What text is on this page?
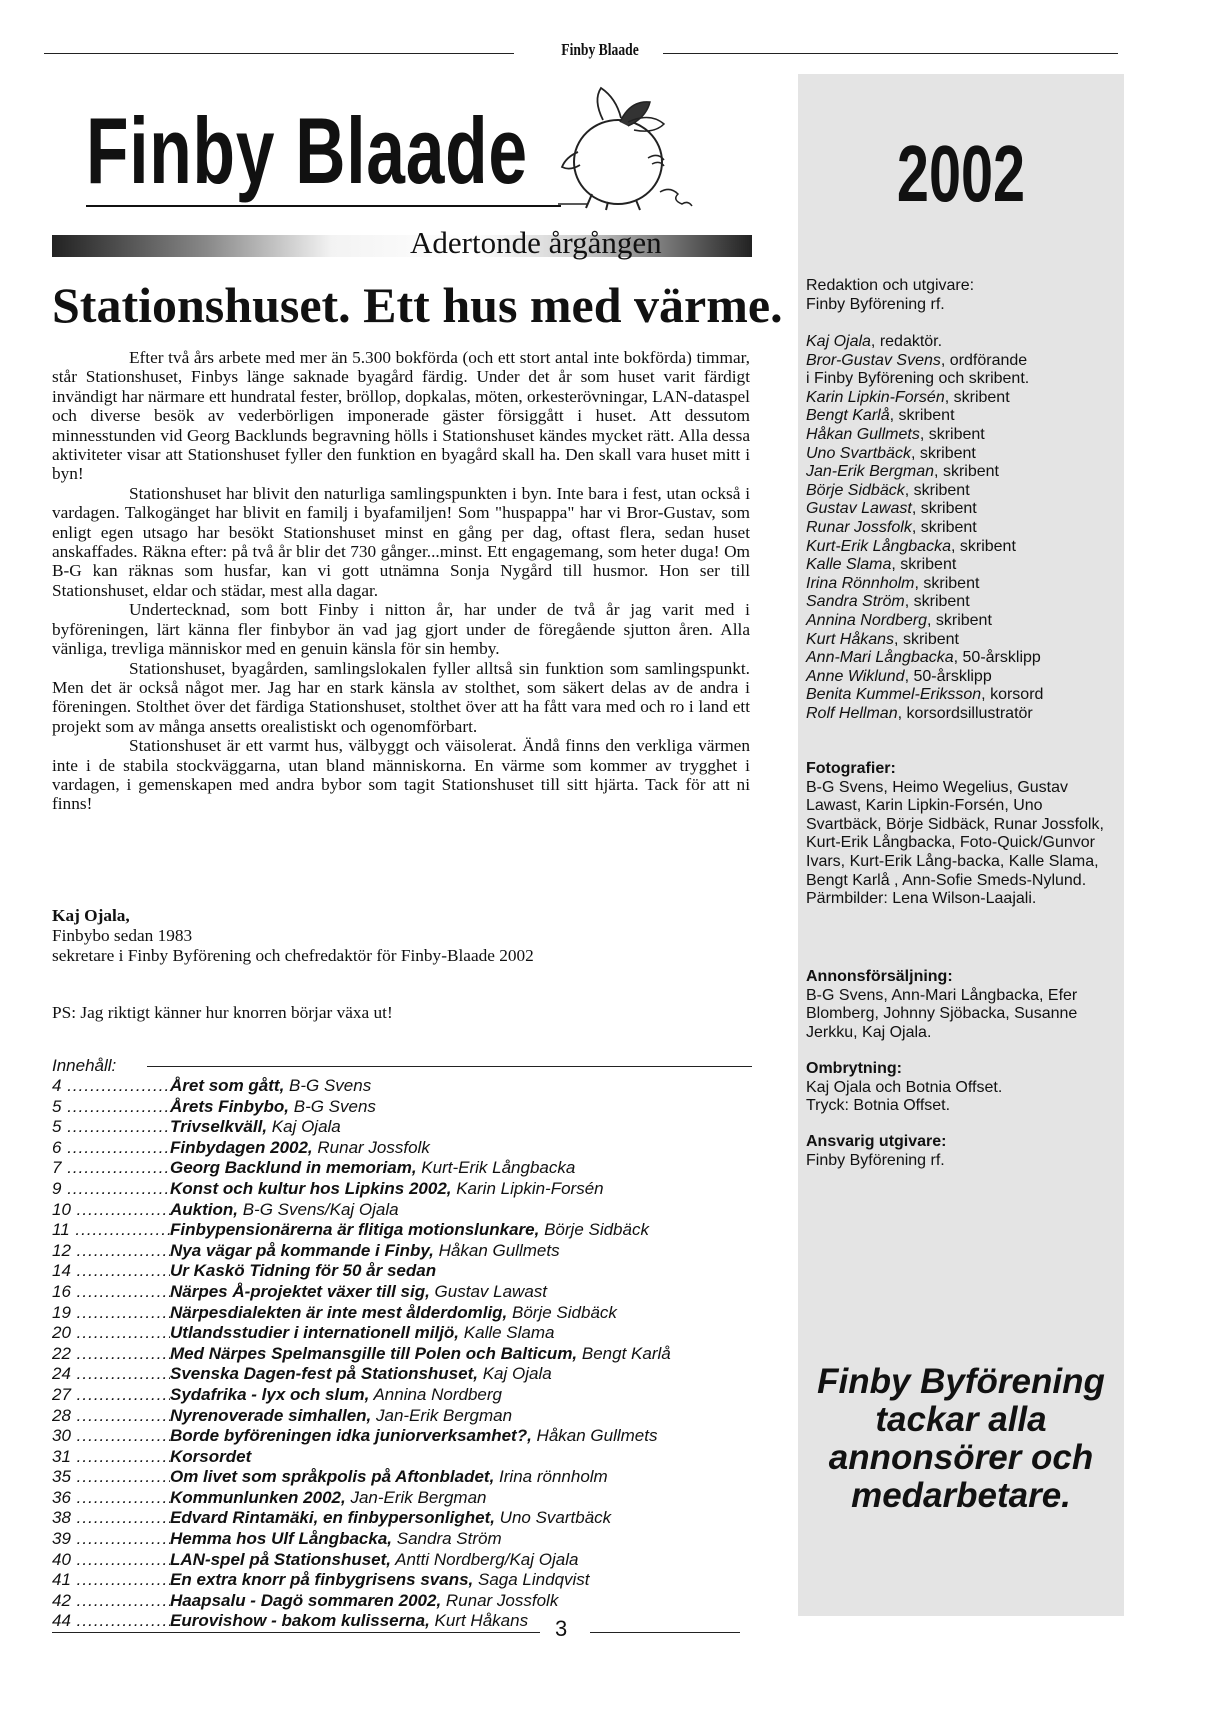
Finby Blaade
Finby Blaade
Adertonde årgången
Stationshuset. Ett hus med värme.

Efter två års arbete med mer än 5.300 bokförda (och ett stort antal inte bokförda) timmar, står Stationshuset, Finbys länge saknade byagård färdig. Under det år som huset varit färdigt invändigt har närmare ett hundratal fester, bröllop, dopkalas, möten, orkesterövningar, LAN-dataspel och diverse besök av vederbörligen imponerade gäster försiggått i huset. Att dessutom minnesstunden vid Georg Backlunds begravning hölls i Stationshuset kändes mycket rätt. Alla dessa aktiviteter visar att Stationshuset fyller den funktion en byagård skall ha. Den skall vara huset mitt i byn!

Stationshuset har blivit den naturliga samlingspunkten i byn. Inte bara i fest, utan också i vardagen. Talkogänget har blivit en familj i byafamiljen! Som "huspappa" har vi Bror-Gustav, som enligt egen utsago har besökt Stationshuset minst en gång per dag, oftast flera, sedan huset anskaffades. Räkna efter: på två år blir det 730 gånger...minst. Ett engagemang, som heter duga! Om B-G kan räknas som husfar, kan vi gott utnämna Sonja Nygård till husmor. Hon ser till Stationshuset, eldar och städar, mest alla dagar.

Undertecknad, som bott Finby i nitton år, har under de två år jag varit med i byföreningen, lärt känna fler finbybor än vad jag gjort under de föregående sjutton åren. Alla vänliga, trevliga människor med en genuin känsla för sin hemby.

Stationshuset, byagården, samlingslokalen fyller alltså sin funktion som samlingspunkt. Men det är också något mer. Jag har en stark känsla av stolthet, som säkert delas av de andra i föreningen. Stolthet över det färdiga Stationshuset, stolthet över att ha fått vara med och ro i land ett projekt som av många ansetts orealistiskt och ogenomförbart.

Stationshuset är ett varmt hus, välbyggt och väisolerat. Ändå finns den verkliga värmen inte i de stabila stockväggarna, utan bland människorna. En värme som kommer av trygghet i vardagen, i gemenskapen med andra bybor som tagit Stationshuset till sitt hjärta. Tack för att ni finns!

Kaj Ojala,
Finbybo sedan 1983
sekretare i Finby Byförening och chefredaktör för Finby-Blaade 2002
PS: Jag riktigt känner hur knorren börjar växa ut!
Innehåll:
4 .....	Året som gått, B-G Svens
5 .....	Årets Finbybo, B-G Svens
5 .....	Trivselkväll, Kaj Ojala
6 .....	Finbydagen 2002, Runar Jossfolk
7 .....	Georg Backlund in memoriam, Kurt-Erik Långbacka
9 .....	Konst och kultur hos Lipkins 2002, Karin Lipkin-Forsén
10 .....	Auktion, B-G Svens/Kaj Ojala
11 .....	Finbypensionärerna är flitiga motionslunkare, Börje Sidbäck
12 .....	Nya vägar på kommande i Finby, Håkan Gullmets
14 .....	Ur Kaskö Tidning för 50 år sedan
16 .....	Närpes Å-projektet växer till sig, Gustav Lawast
19 .....	Närpesdialekten är inte mest ålderdomlig, Börje Sidbäck
20 .....	Utlandsstudier i internationell miljö, Kalle Slama
22 .....	Med Närpes Spelmansgille till Polen och Balticum, Bengt Karlå
24 .....	Svenska Dagen-fest på Stationshuset, Kaj Ojala
27 .....	Sydafrika - lyx och slum, Annina Nordberg
28 .....	Nyrenoverade simhallen, Jan-Erik Bergman
30 .....	Borde byföreningen idka juniorverksamhet?, Håkan Gullmets
31 .....	Korsordet
35 .....	Om livet som språkpolis på Aftonbladet, Irina rönnholm
36 .....	Kommunlunken 2002, Jan-Erik Bergman
38 .....	Edvard Rintamäki, en finbypersonlighet, Uno Svartbäck
39 .....	Hemma hos Ulf Långbacka, Sandra Ström
40 .....	LAN-spel på Stationshuset, Antti Nordberg/Kaj Ojala
41 .....	En extra knorr på finbygrisens svans, Saga Lindqvist
42 .....	Haapsalu - Dagö sommaren 2002, Runar Jossfolk
44 .....	Eurovishow - bakom kulisserna, Kurt Håkans	3
2002
Redaktion och utgivare:
Finby Byförening rf.
Kaj Ojala, redaktör.
Bror-Gustav Svens, ordförande
i Finby Byförening och skribent.
Karin Lipkin-Forsén, skribent
Bengt Karlå, skribent
Håkan Gullmets, skribent
Uno Svartbäck, skribent
Jan-Erik Bergman, skribent
Börje Sidbäck, skribent
Gustav Lawast, skribent
Runar Jossfolk, skribent
Kurt-Erik Långbacka, skribent
Kalle Slama, skribent
Irina Rönnholm, skribent
Sandra Ström, skribent
Annina Nordberg, skribent
Kurt Håkans, skribent
Ann-Mari Långbacka, 50-årsklipp
Anne Wiklund, 50-årsklipp
Benita Kummel-Eriksson, korsord
Rolf Hellman, korsordsillustratör
Fotografier:
B-G Svens, Heimo Wegelius, Gustav Lawast, Karin Lipkin-Forsén, Uno Svartbäck, Börje Sidbäck, Runar Jossfolk, Kurt-Erik Långbacka, Foto-Quick/Gunvor Ivars, Kurt-Erik Lång-backa, Kalle Slama, Bengt Karlå , Ann-Sofie Smeds-Nylund.
Pärmbilder: Lena Wilson-Laajali.
Annonsförsäljning:
B-G Svens, Ann-Mari Långbacka, Efer Blomberg, Johnny Sjöbacka, Susanne Jerkku, Kaj Ojala.
Ombrytning:
Kaj Ojala och Botnia Offset.
Tryck: Botnia Offset.
Ansvarig utgivare:
Finby Byförening rf.
Finby Byförening tackar alla annonsörer och medarbetare.
